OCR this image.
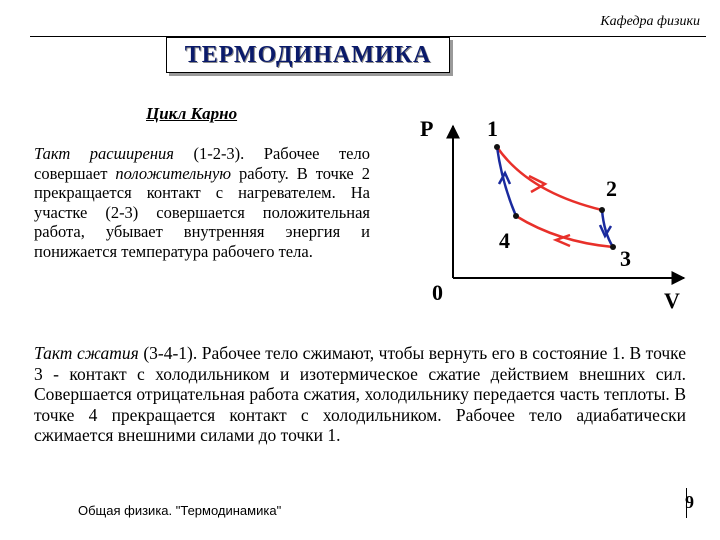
Кафедра физики
ТЕРМОДИНАМИКА
Цикл Карно
Такт расширения (1-2-3). Рабочее тело совершает положительную работу. В точке 2 прекращается контакт с нагревателем. На участке (2-3) совершается положительная работа, убывает внутренняя энергия и понижается температура рабочего тела.
P
V
0
1
2
3
4
Такт сжатия (3-4-1). Рабочее тело сжимают, чтобы вернуть его в состояние 1. В точке 3 - контакт с холодильником и изотермическое сжатие действием внешних сил. Совершается отрицательная работа сжатия, холодильнику передается часть теплоты. В точке 4 прекращается контакт с холодильником. Рабочее тело адиабатически сжимается внешними силами до точки 1.
Общая физика. "Термодинамика"	9
